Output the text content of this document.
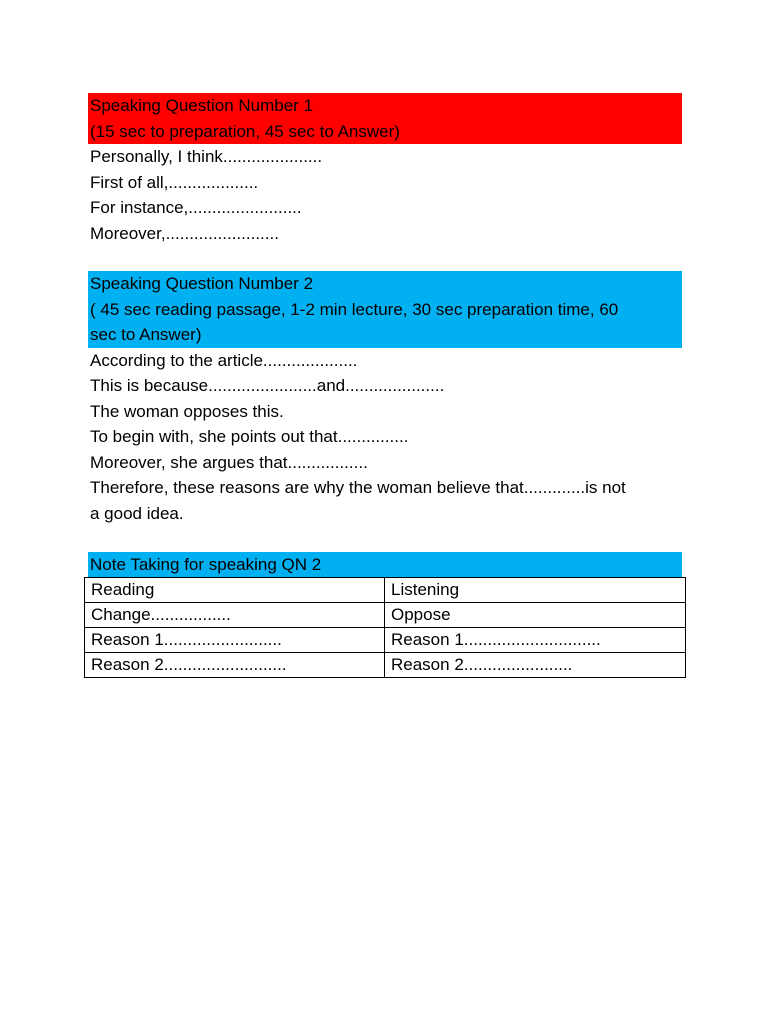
Speaking Question Number 1
(15 sec to preparation, 45 sec to Answer)
Personally, I think.....................
First of all,...................
For instance,........................
Moreover,........................
Speaking Question Number 2
( 45 sec reading passage, 1-2 min lecture, 30 sec preparation time, 60
sec to Answer)
According to the article....................
This is because.......................and.....................
The woman opposes this.
To begin with, she points out that...............
Moreover, she argues that.................
Therefore, these reasons are why the woman believe that.............is not
a good idea.
Note Taking for speaking QN 2
Reading	Listening
Change.................	Oppose
Reason 1.........................	Reason 1.............................
Reason 2..........................	Reason 2.......................
